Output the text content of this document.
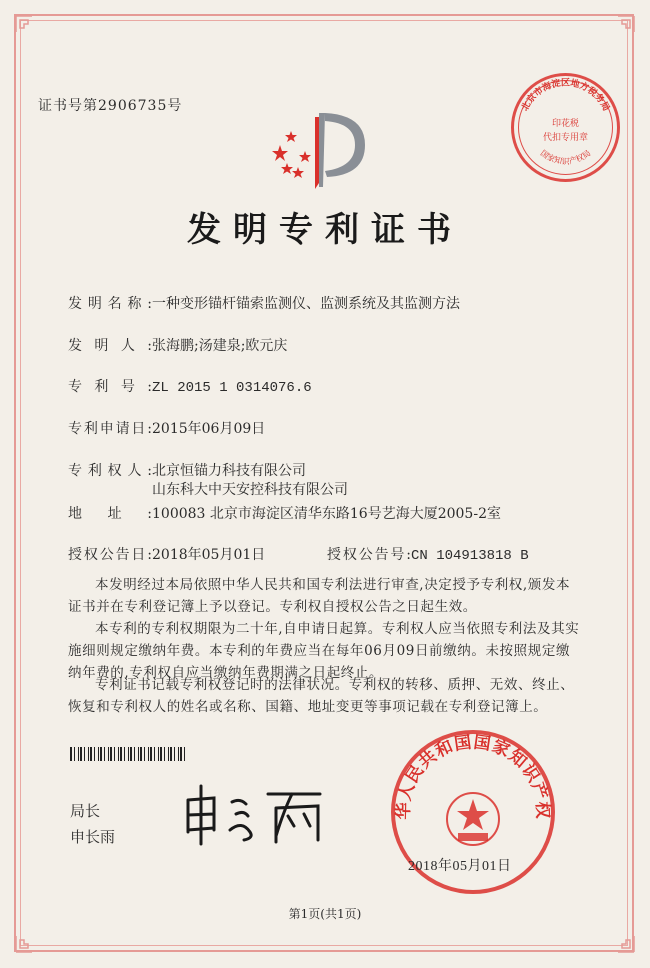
证书号第2906735号	北京市海淀区地方税务局
印花税
代扣专用章
国家知识产权局
发明专利证书
发明名称:一种变形锚杆锚索监测仪、监测系统及其监测方法
发明人:张海鹏;汤建泉;欧元庆
专利号:ZL 2015 1 0314076.6
专利申请日:2015年06月09日
专利权人:北京恒锚力科技有限公司
山东科大中天安控科技有限公司
地址:100083 北京市海淀区清华东路16号艺海大厦2005-2室
授权公告日:2018年05月01日	授权公告号:CN 104913818 B
本发明经过本局依照中华人民共和国专利法进行审查,决定授予专利权,颁发本证书并在专利登记簿上予以登记。专利权自授权公告之日起生效。
本专利的专利权期限为二十年,自申请日起算。专利权人应当依照专利法及其实施细则规定缴纳年费。本专利的年费应当在每年06月09日前缴纳。未按照规定缴纳年费的,专利权自应当缴纳年费期满之日起终止。
专利证书记载专利权登记时的法律状况。专利权的转移、质押、无效、终止、恢复和专利权人的姓名或名称、国籍、地址变更等事项记载在专利登记簿上。
局长
申长雨
华人民共和国国家知识产权
2018年05月01日
第1页(共1页)
